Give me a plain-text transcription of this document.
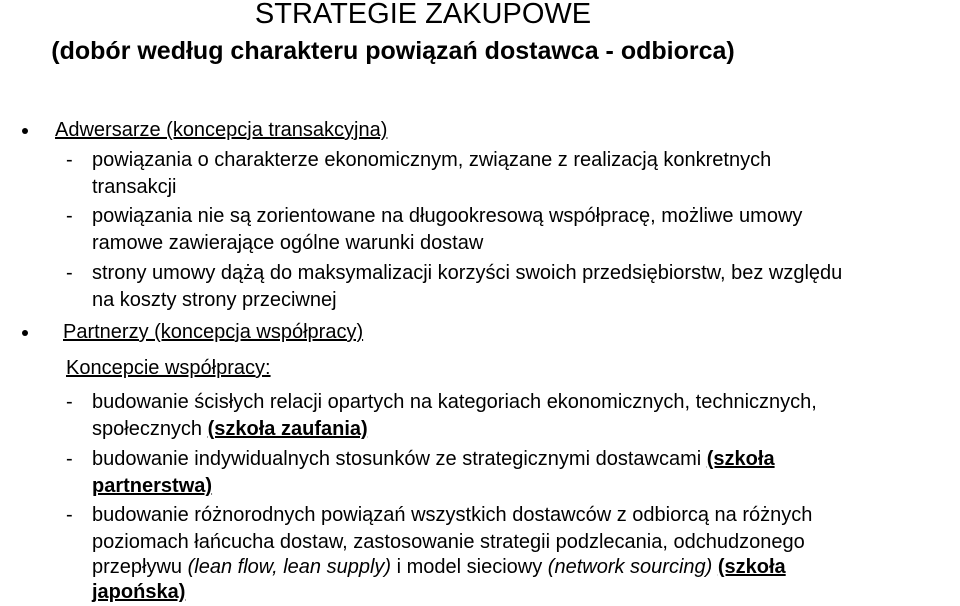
STRATEGIE ZAKUPOWE
(dobór według charakteru powiązań dostawca - odbiorca)
Adwersarze (koncepcja transakcyjna)
- powiązania o charakterze ekonomicznym, związane z realizacją konkretnych
transakcji
- powiązania nie są zorientowane na długookresową współpracę, możliwe umowy
ramowe zawierające ogólne warunki dostaw
- strony umowy dążą do maksymalizacji korzyści swoich przedsiębiorstw, bez względu
na koszty strony przeciwnej
Partnerzy (koncepcja współpracy)
Koncepcie współpracy:
- budowanie ścisłych relacji opartych na kategoriach ekonomicznych, technicznych,
społecznych (szkoła zaufania)
- budowanie indywidualnych stosunków ze strategicznymi dostawcami (szkoła
partnerstwa)
- budowanie różnorodnych powiązań wszystkich dostawców z odbiorcą na różnych
poziomach łańcucha dostaw, zastosowanie strategii podzlecania, odchudzonego
przepływu (lean flow, lean supply) i model sieciowy (network sourcing) (szkoła
japońska)
